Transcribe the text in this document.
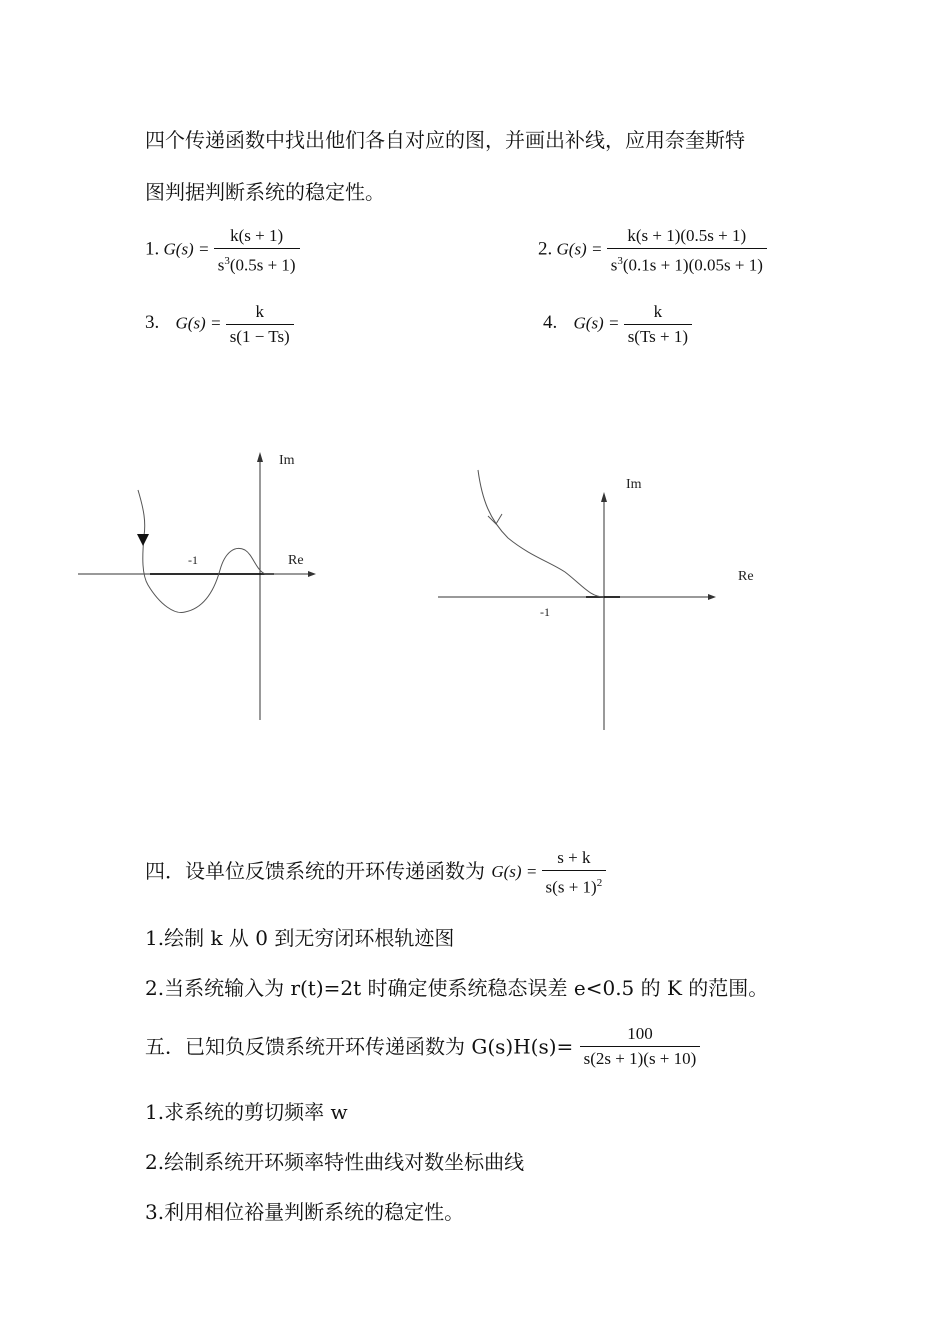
四个传递函数中找出他们各自对应的图，并画出补线，应用奈奎斯特
图判据判断系统的稳定性。
1. $G(s) = \frac{k(s + 1)}{s^3(0.5s + 1)}$	2. $G(s) = \frac{k(s + 1)(0.5s + 1)}{s^3(0.1s + 1)(0.05s + 1)}$
3. $G(s) = \frac{k}{s(1 - Ts)}$	4. $G(s) = \frac{k}{s(Ts + 1)}$
Im
Re
-1
Im
Re
-1
四．设单位反馈系统的开环传递函数为 $G(s) = \frac{s + k}{s(s + 1)^2}$
1.绘制 k 从 0 到无穷闭环根轨迹图
2.当系统输入为 r(t)=2t 时确定使系统稳态误差 e<0.5 的 K 的范围。
五．已知负反馈系统开环传递函数为 $G(s)H(s)= \frac{100}{s(2s + 1)(s + 10)}$
1.求系统的剪切频率 w
2.绘制系统开环频率特性曲线对数坐标曲线
3.利用相位裕量判断系统的稳定性。
